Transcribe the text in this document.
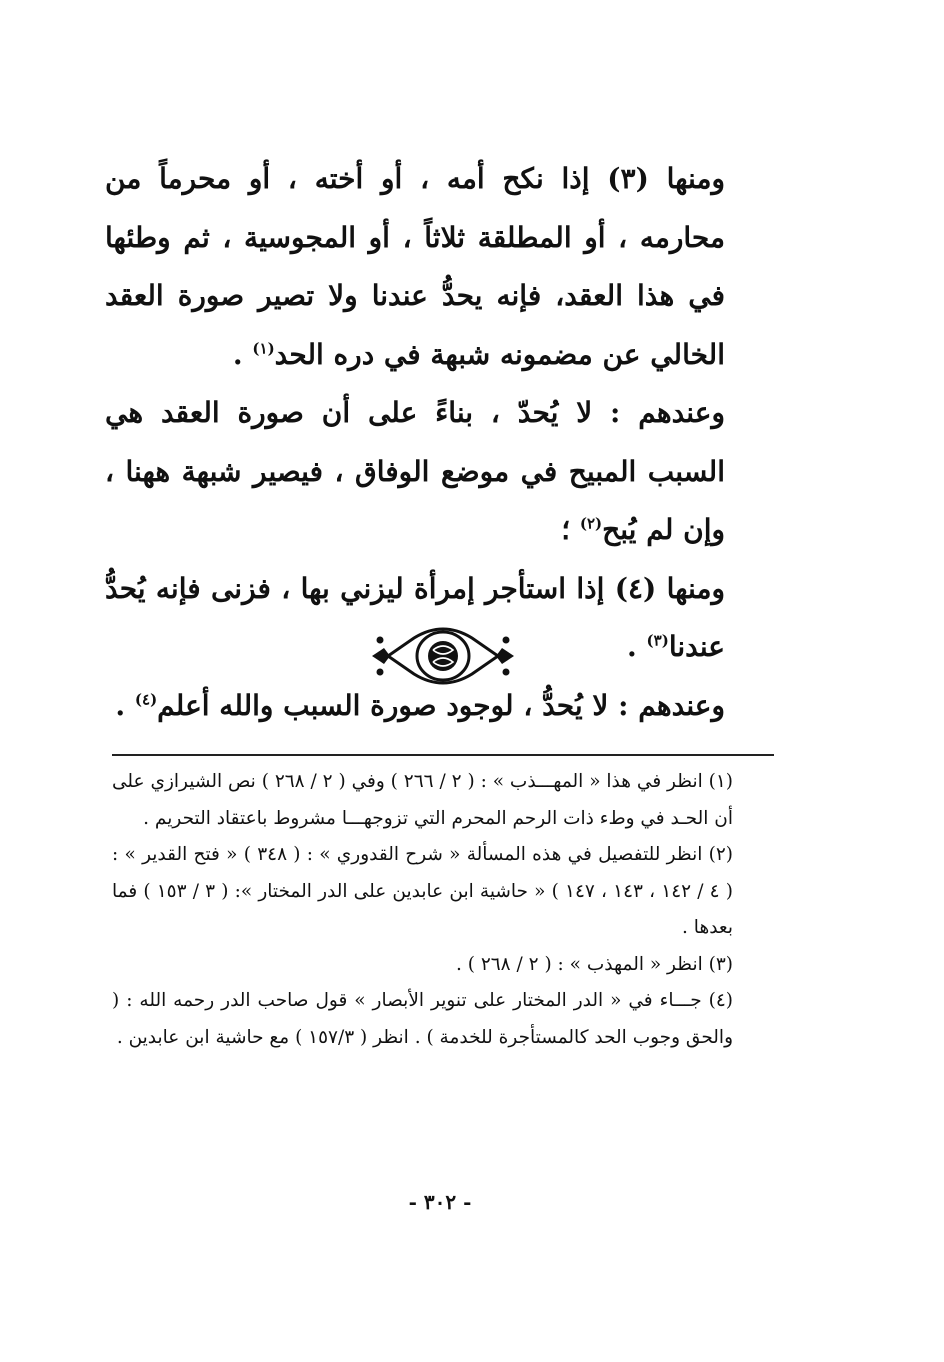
ومنها (٣) إذا نكح أمه ، أو أخته ، أو محرماً من محارمه ، أو المطلقة ثلاثاً ، أو المجوسية ، ثم وطئها في هذا العقد، فإنه يحدُّ عندنا ولا تصير صورة العقد الخالي عن مضمونه شبهة في دره الحد$^{(١)}$ .

وعندهم : لا يُحدّ ، بناءً على أن صورة العقد هي السبب المبيح في موضع الوفاق ، فيصير شبهة ههنا ، وإن لم يُبح$^{(٢)}$ ؛

ومنها (٤) إذا استأجر إمرأة ليزني بها ، فزنى فإنه يُحدُّ عندنا$^{(٣)}$ .

وعندهم : لا يُحدُّ ، لوجود صورة السبب والله أعلم$^{(٤)}$ .

(١) انظر في هذا « المهـــذب » : ( ٢ / ٢٦٦ ) وفي ( ٢ / ٢٦٨ ) نص الشيرازي على أن الحـد في وطء ذات الرحم المحرم التي تزوجهـــا مشروط باعتقاد التحريم .

(٢) انظر للتفصيل في هذه المسألة « شرح القدوري » : ( ٣٤٨ ) « فتح القدير » : ( ٤ / ١٤٢ ، ١٤٣ ، ١٤٧ ) « حاشية ابن عابدين على الدر المختار »: ( ٣ / ١٥٣ ) فما بعدها .

(٣) انظر « المهذب » : ( ٢ / ٢٦٨ ) .

(٤) جـــاء في « الدر المختار على تنوير الأبصار » قول صاحب الدر رحمه الله : ( والحق وجوب الحد كالمستأجرة للخدمة ) . انظر ( ١٥٧/٣ ) مع حاشية ابن عابدين .

- ٣٠٢ -
